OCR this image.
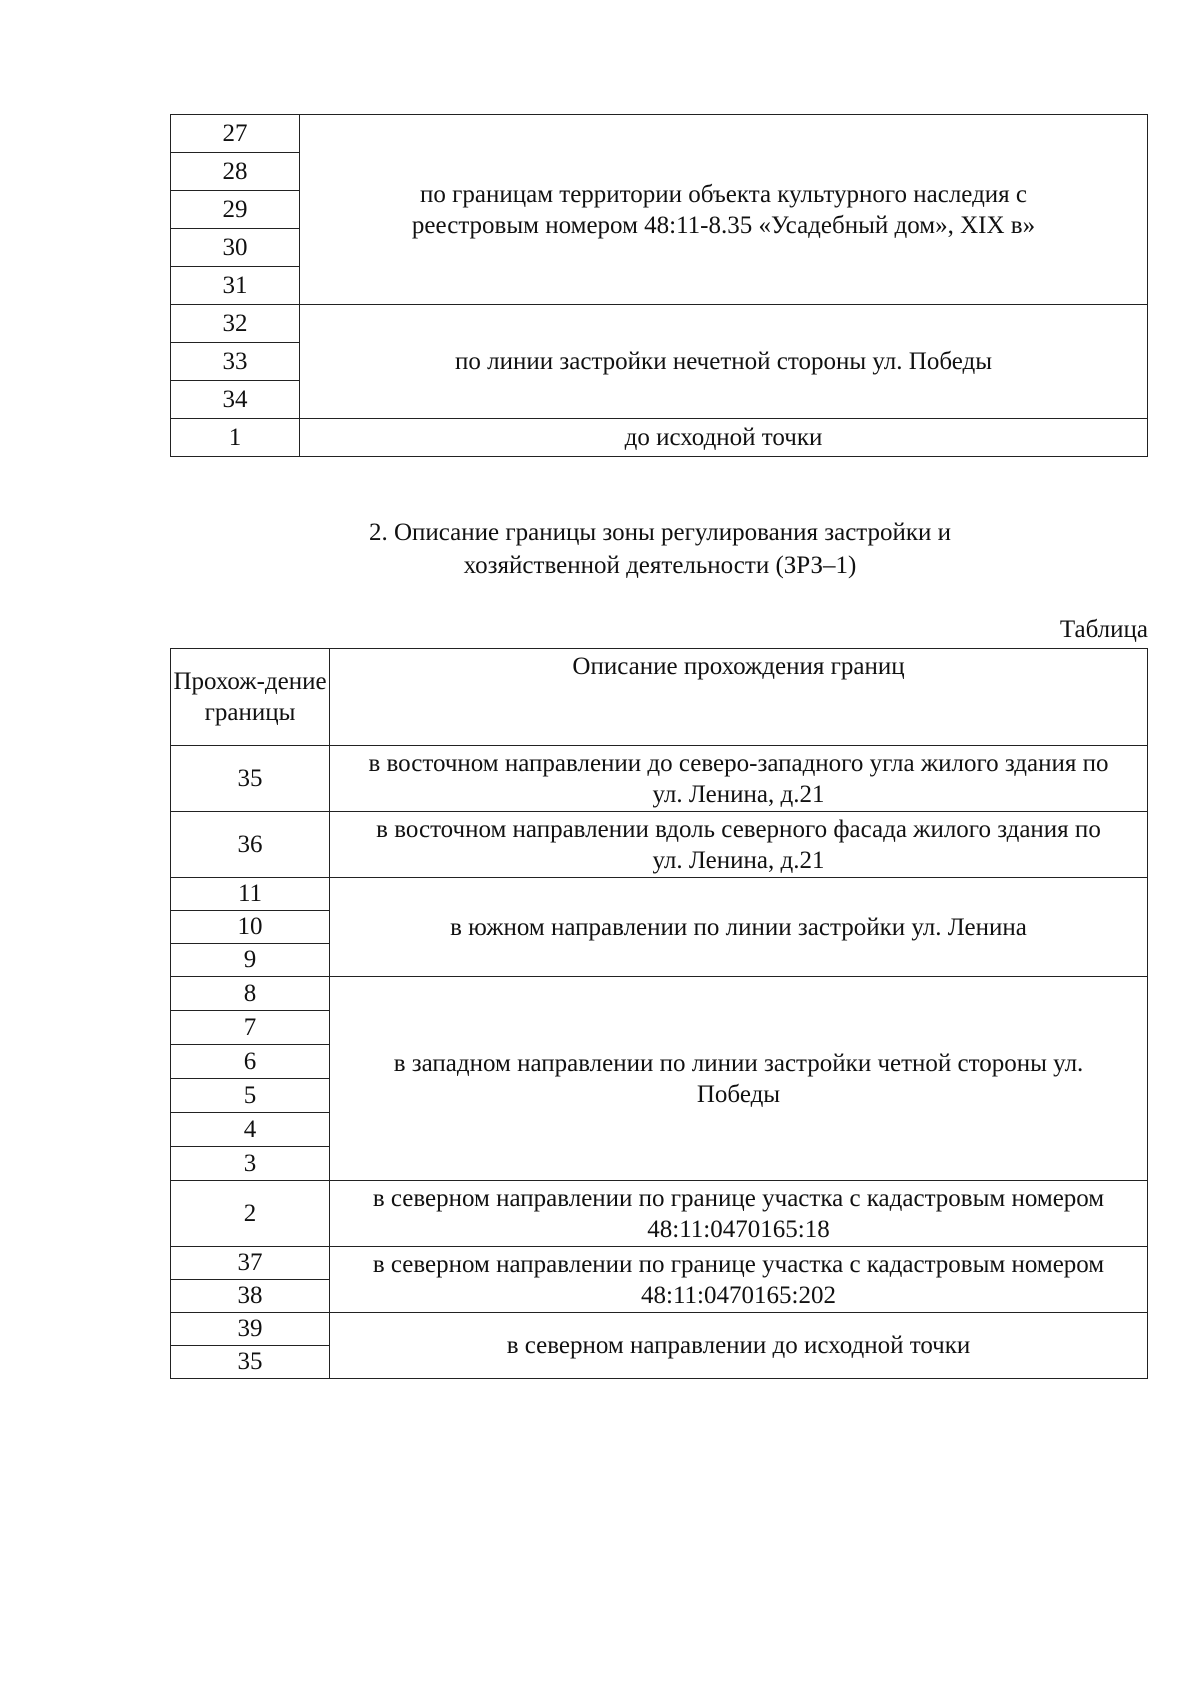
27	по границам территории объекта культурного наследия с реестровым номером 48:11-8.35 «Усадебный дом», XIX в»
28	
29	
30	
31	
32	по линии застройки нечетной стороны ул. Победы
33	
34	
1	до исходной точки
2. Описание границы зоны регулирования застройки и
хозяйственной деятельности (ЗРЗ–1)
Таблица
Прохож-дение границы	Описание прохождения границ
35	в восточном направлении до северо-западного угла жилого здания по ул. Ленина, д.21
36	в восточном направлении вдоль северного фасада жилого здания по ул. Ленина, д.21
11	в южном направлении по линии застройки ул. Ленина
10	
9	
8	в западном направлении по линии застройки четной стороны ул. Победы
7	
6	
5	
4	
3	
2	в северном направлении по границе участка с кадастровым номером 48:11:0470165:18
37	в северном направлении по границе участка с кадастровым номером 48:11:0470165:202
38	
39	в северном направлении до исходной точки
35	
